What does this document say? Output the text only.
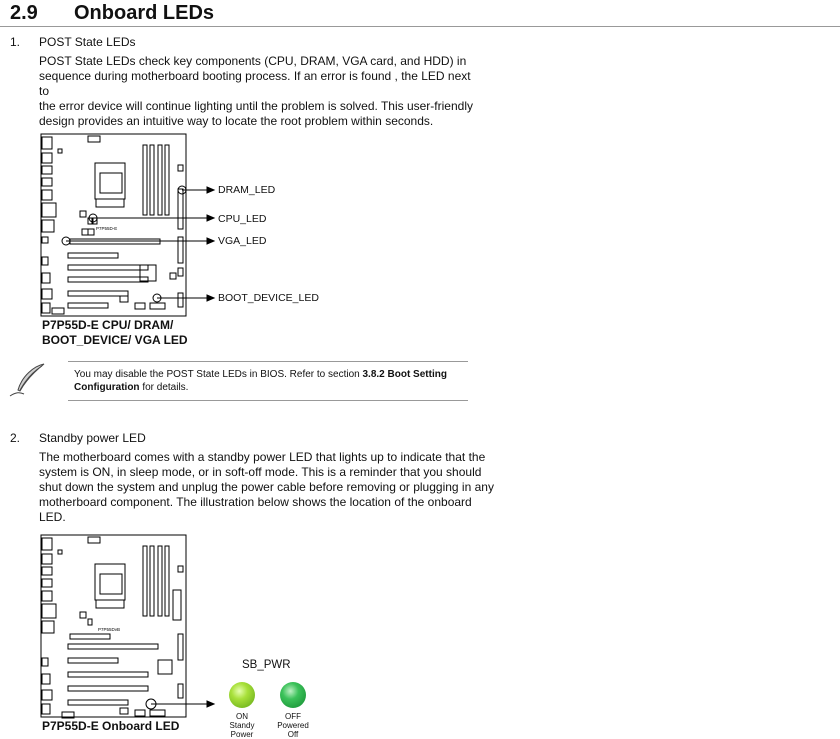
2.9 Onboard LEDs
1. POST State LEDs
POST State LEDs check key components (CPU, DRAM, VGA card, and HDD) in
sequence during motherboard booting process. If an error is found , the LED next to
the error device will continue lighting until the problem is solved. This user-friendly
design provides an intuitive way to locate the root problem within seconds.
P7P55D-E
DRAM_LED
CPU_LED
VGA_LED
BOOT_DEVICE_LED
P7P55D-E CPU/ DRAM/
BOOT_DEVICE/ VGA LED
You may disable the POST State LEDs in BIOS. Refer to section 3.8.2 Boot Setting
Configuration for details.
2. Standby power LED
The motherboard comes with a standby power LED that lights up to indicate that the
system is ON, in sleep mode, or in soft-off mode. This is a reminder that you should
shut down the system and unplug the power cable before removing or plugging in any
motherboard component. The illustration below shows the location of the onboard LED.
P7P55DvB
SB_PWR
ON
Standy Power
OFF
Powered Off
P7P55D-E Onboard LED
